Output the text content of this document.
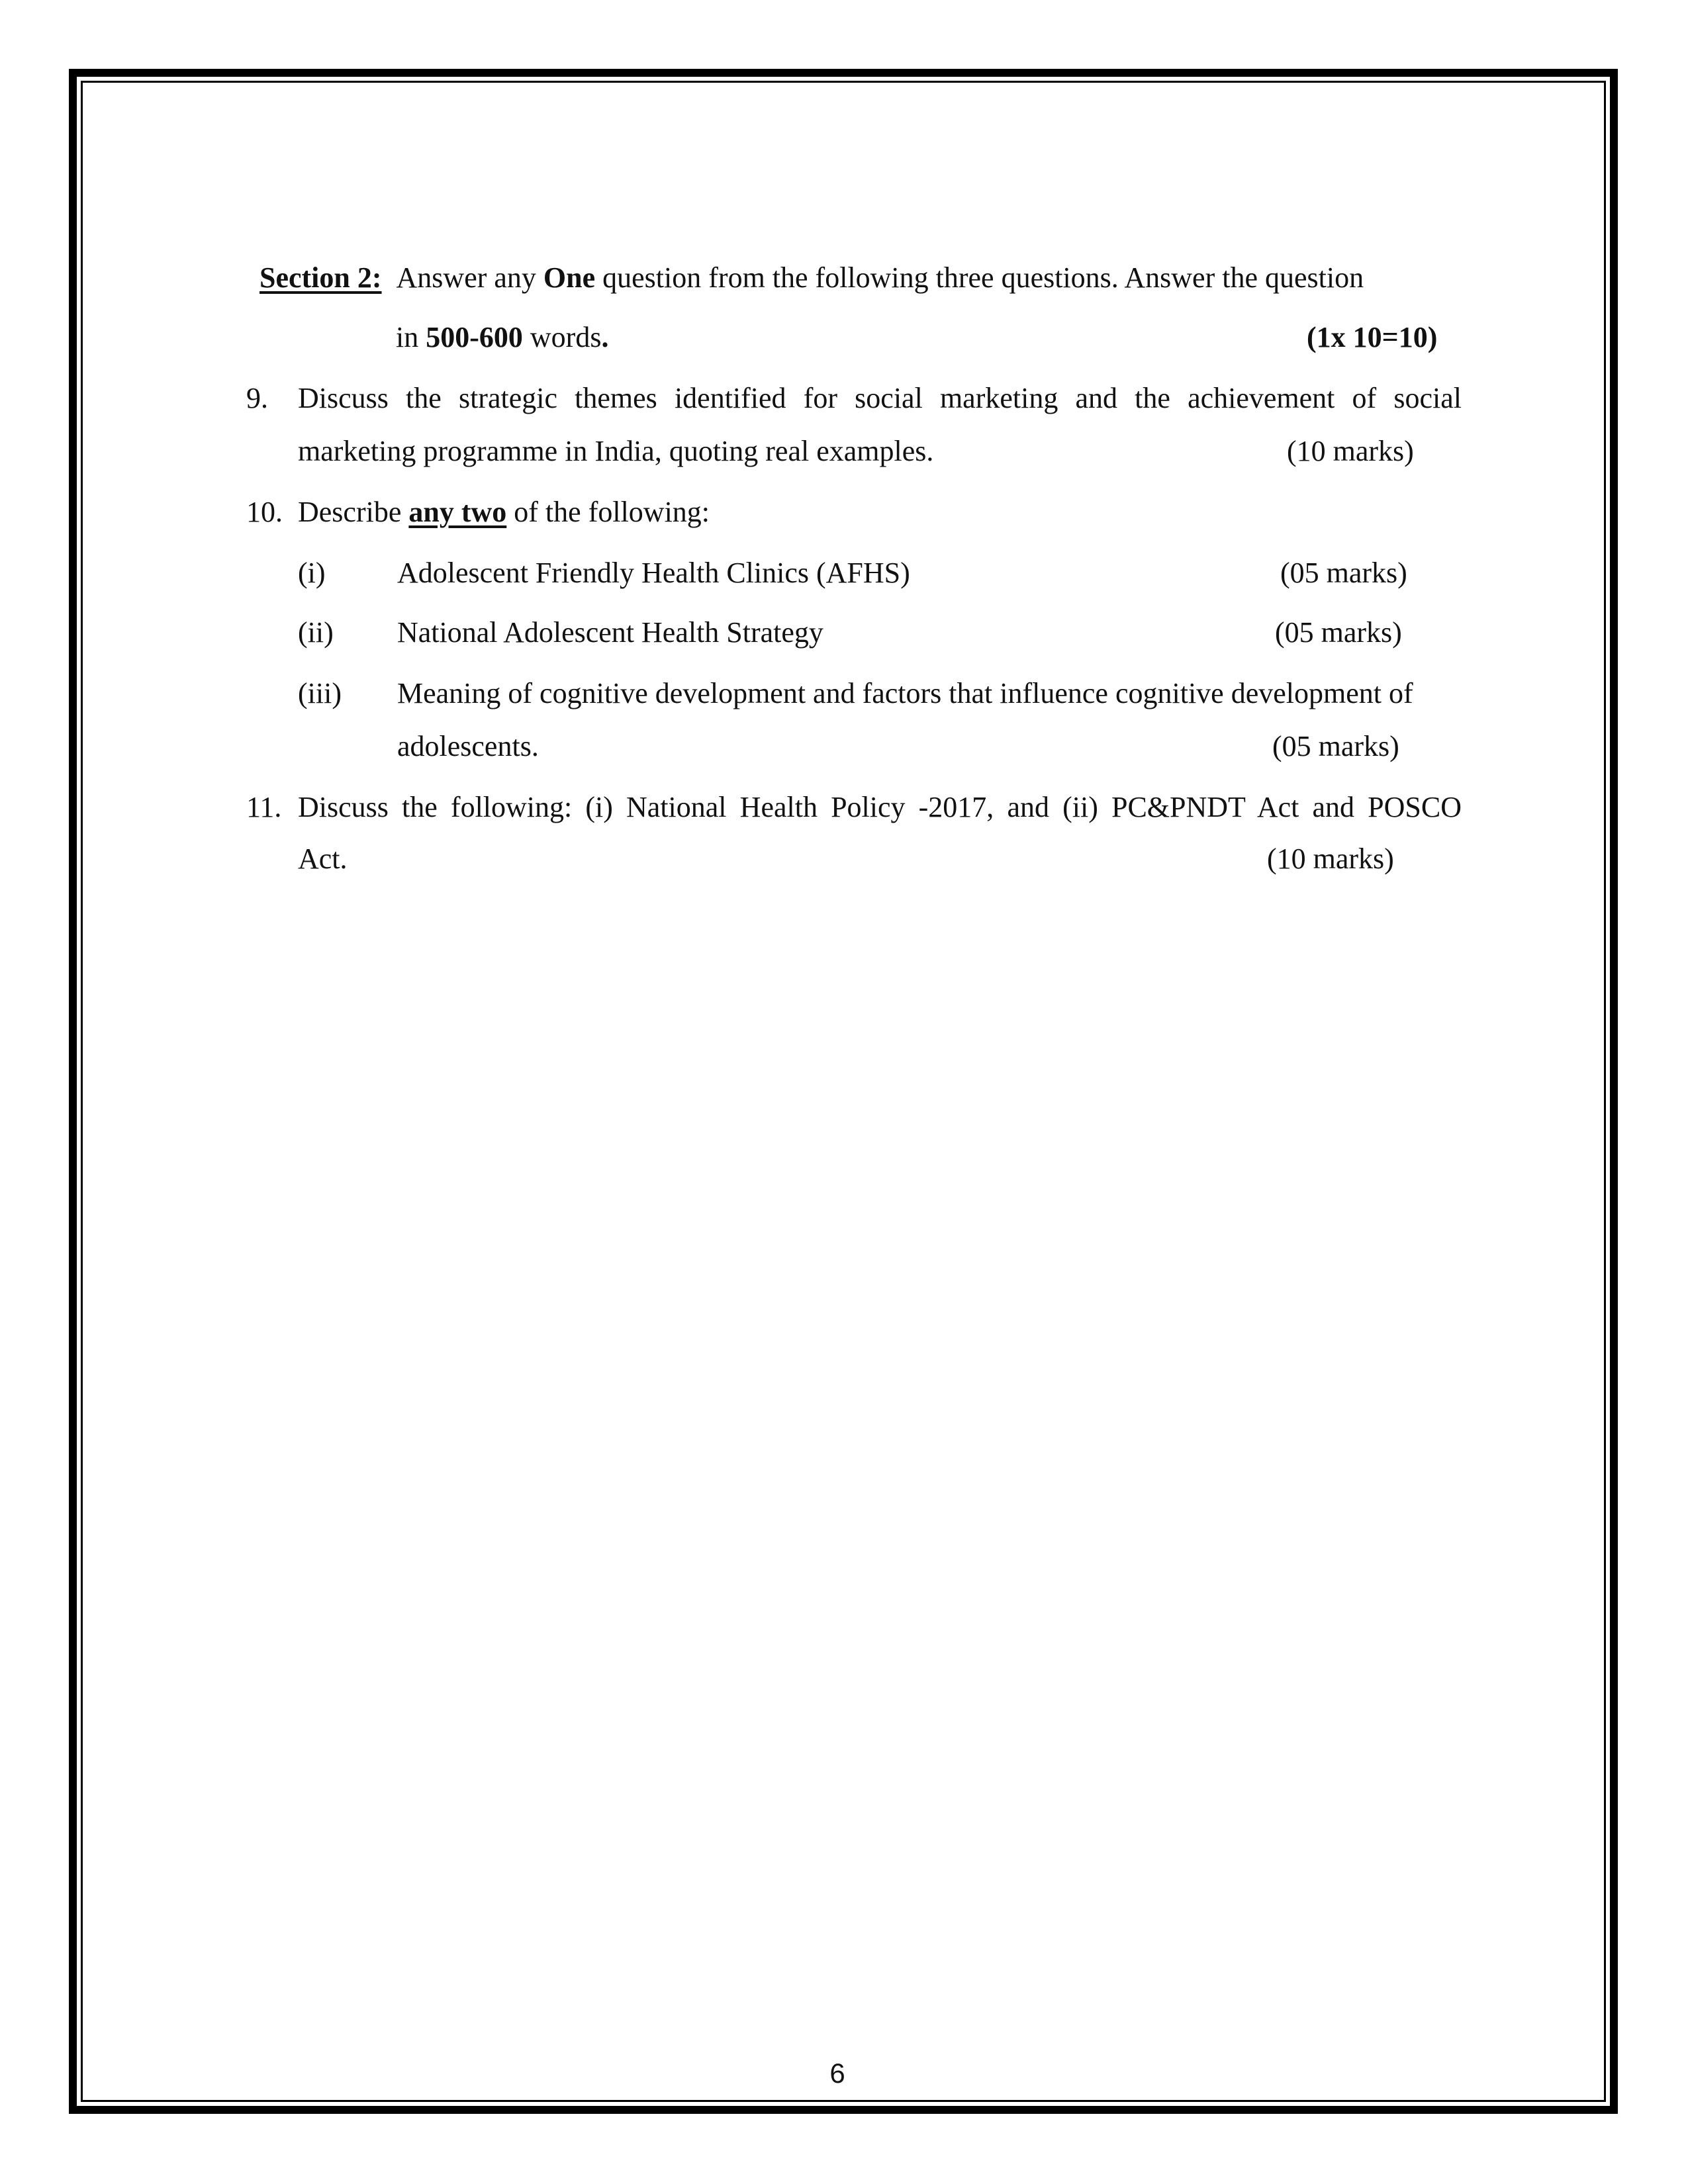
Section 2: Answer any One question from the following three questions. Answer the question
in 500-600 words.	(1x 10=10)
9. Discuss the strategic themes identified for social marketing and the achievement of social
marketing programme in India, quoting real examples.	(10 marks)
10. Describe any two of the following:
(i) Adolescent Friendly Health Clinics (AFHS)	(05 marks)
(ii) National Adolescent Health Strategy	(05 marks)
(iii) Meaning of cognitive development and factors that influence cognitive development of
adolescents.	(05 marks)
11. Discuss the following: (i) National Health Policy -2017, and (ii) PC&PNDT Act and POSCO
Act.	(10 marks)
6
